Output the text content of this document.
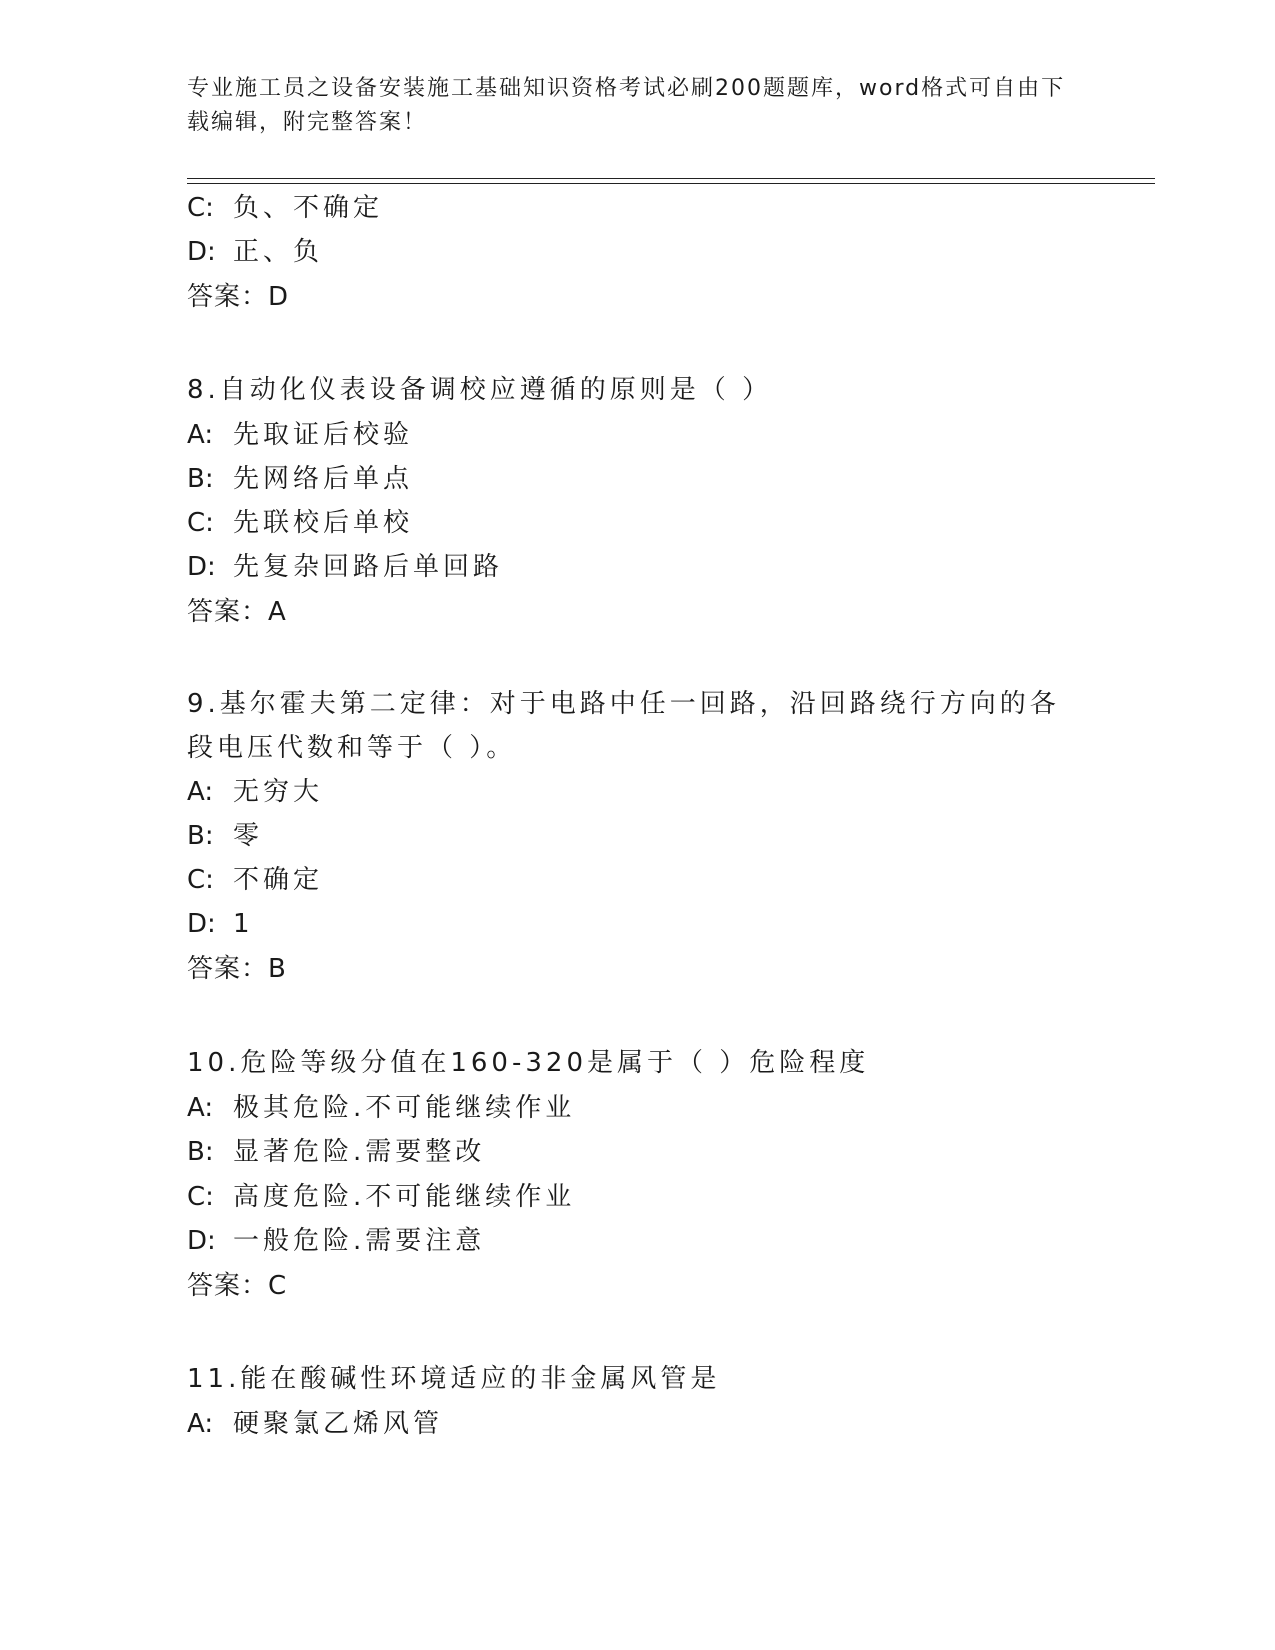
专业施工员之设备安装施工基础知识资格考试必刷200题题库，word格式可自由下载编辑，附完整答案！
C: 负、不确定
D: 正、负
答案：D
8.自动化仪表设备调校应遵循的原则是（ ）
A: 先取证后校验
B: 先网络后单点
C: 先联校后单校
D: 先复杂回路后单回路
答案：A
9.基尔霍夫第二定律：对于电路中任一回路，沿回路绕行方向的各段电压代数和等于（ ）。
A: 无穷大
B: 零
C: 不确定
D: 1
答案：B
10.危险等级分值在160-320是属于（ ）危险程度
A: 极其危险.不可能继续作业
B: 显著危险.需要整改
C: 高度危险.不可能继续作业
D: 一般危险.需要注意
答案：C
11.能在酸碱性环境适应的非金属风管是
A: 硬聚氯乙烯风管
